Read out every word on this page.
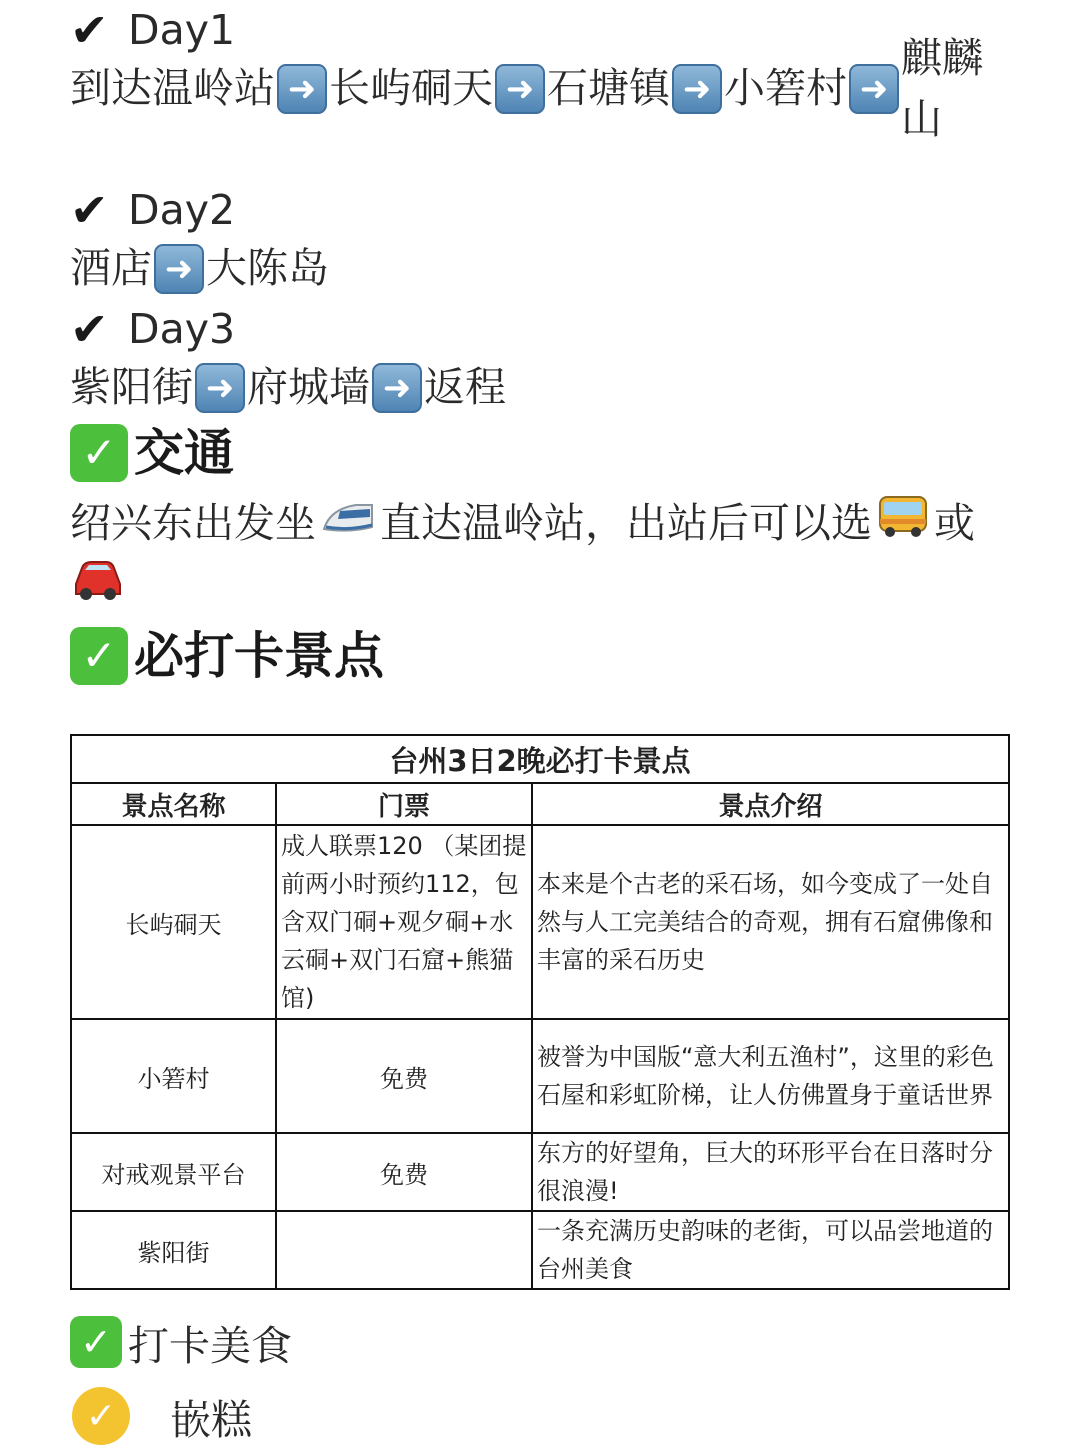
✔ Day1
到达温岭站 ➜ 长屿硐天 ➜ 石塘镇 ➜ 小箬村 ➜
麒麟山
✔ Day2
酒店 ➜ 大陈岛
✔ Day3
紫阳街 ➜ 府城墙 ➜ 返程
✓ 交通
绍兴东出发坐 直达温岭站，出站后可以选 或
✓ 必打卡景点
台州3日2晚必打卡景点		
景点名称	门票	景点介绍
长屿硐天	成人联票120 （某团提前两小时预约112，包含双门硐+观夕硐+水云硐+双门石窟+熊猫馆)	本来是个古老的采石场，如今变成了一处自然与人工完美结合的奇观，拥有石窟佛像和丰富的采石历史
小箬村	免费	被誉为中国版“意大利五渔村”，这里的彩色石屋和彩虹阶梯，让人仿佛置身于童话世界
对戒观景平台	免费	东方的好望角，巨大的环形平台在日落时分很浪漫!
紫阳街		一条充满历史韵味的老街，可以品尝地道的台州美食
✓ 打卡美食
✓	嵌糕
